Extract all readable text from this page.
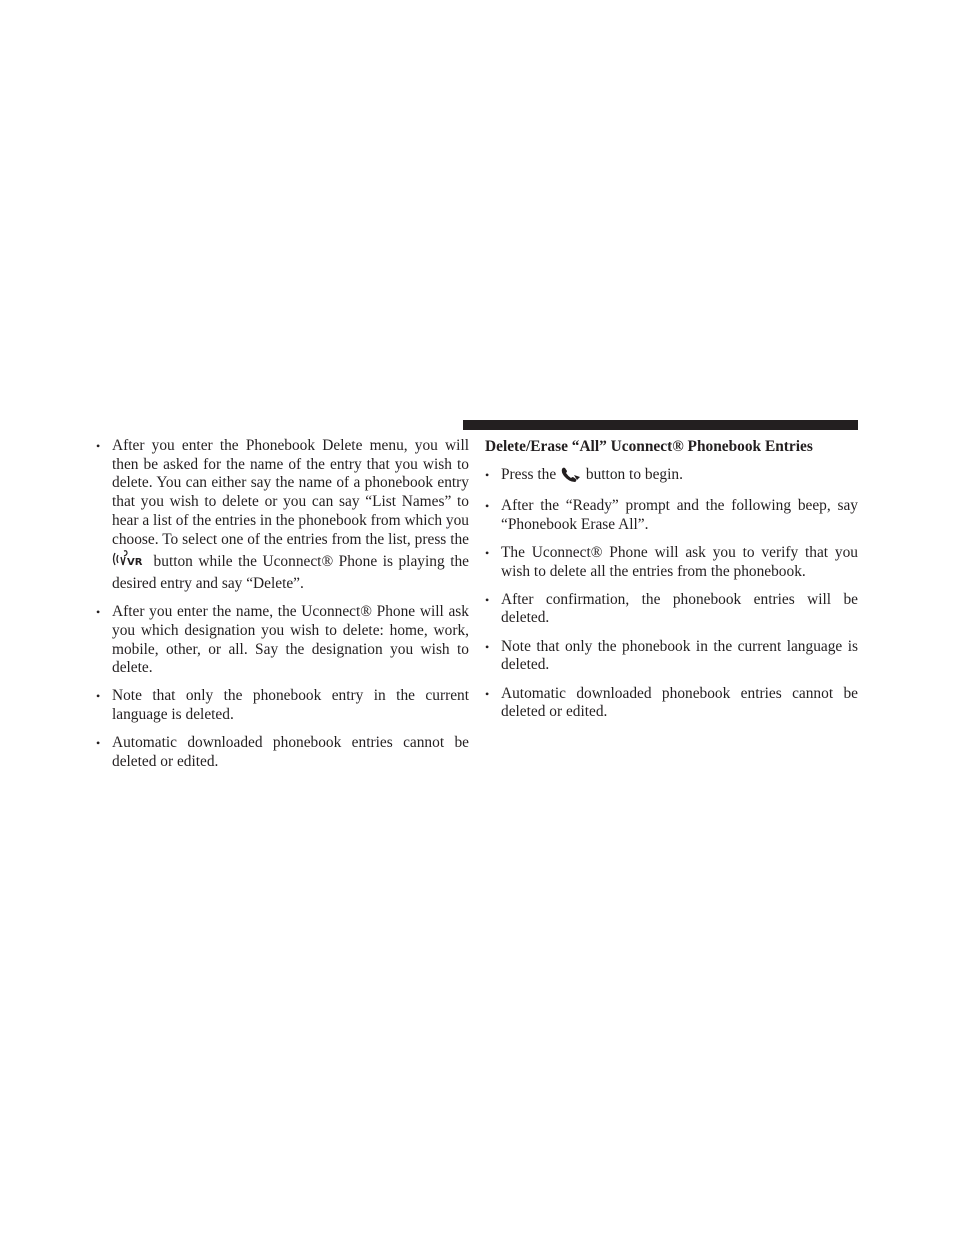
• After you enter the Phonebook Delete menu, you will then be asked for the name of the entry that you wish to delete. You can either say the name of a phonebook entry that you wish to delete or you can say “List Names” to hear a list of the entries in the phonebook from which you choose. To select one of the entries from the list, press the
VR button while the Uconnect® Phone is playing the desired entry and say “Delete”.
• After you enter the name, the Uconnect® Phone will ask you which designation you wish to delete: home, work, mobile, other, or all. Say the designation you wish to delete.
• Note that only the phonebook entry in the current language is deleted.
• Automatic downloaded phonebook entries cannot be deleted or edited.
Delete/Erase “All” Uconnect® Phonebook Entries
• Press the button to begin.
• After the “Ready” prompt and the following beep, say “Phonebook Erase All”.
• The Uconnect® Phone will ask you to verify that you wish to delete all the entries from the phonebook.
• After confirmation, the phonebook entries will be deleted.
• Note that only the phonebook in the current language is deleted.
• Automatic downloaded phonebook entries cannot be deleted or edited.
